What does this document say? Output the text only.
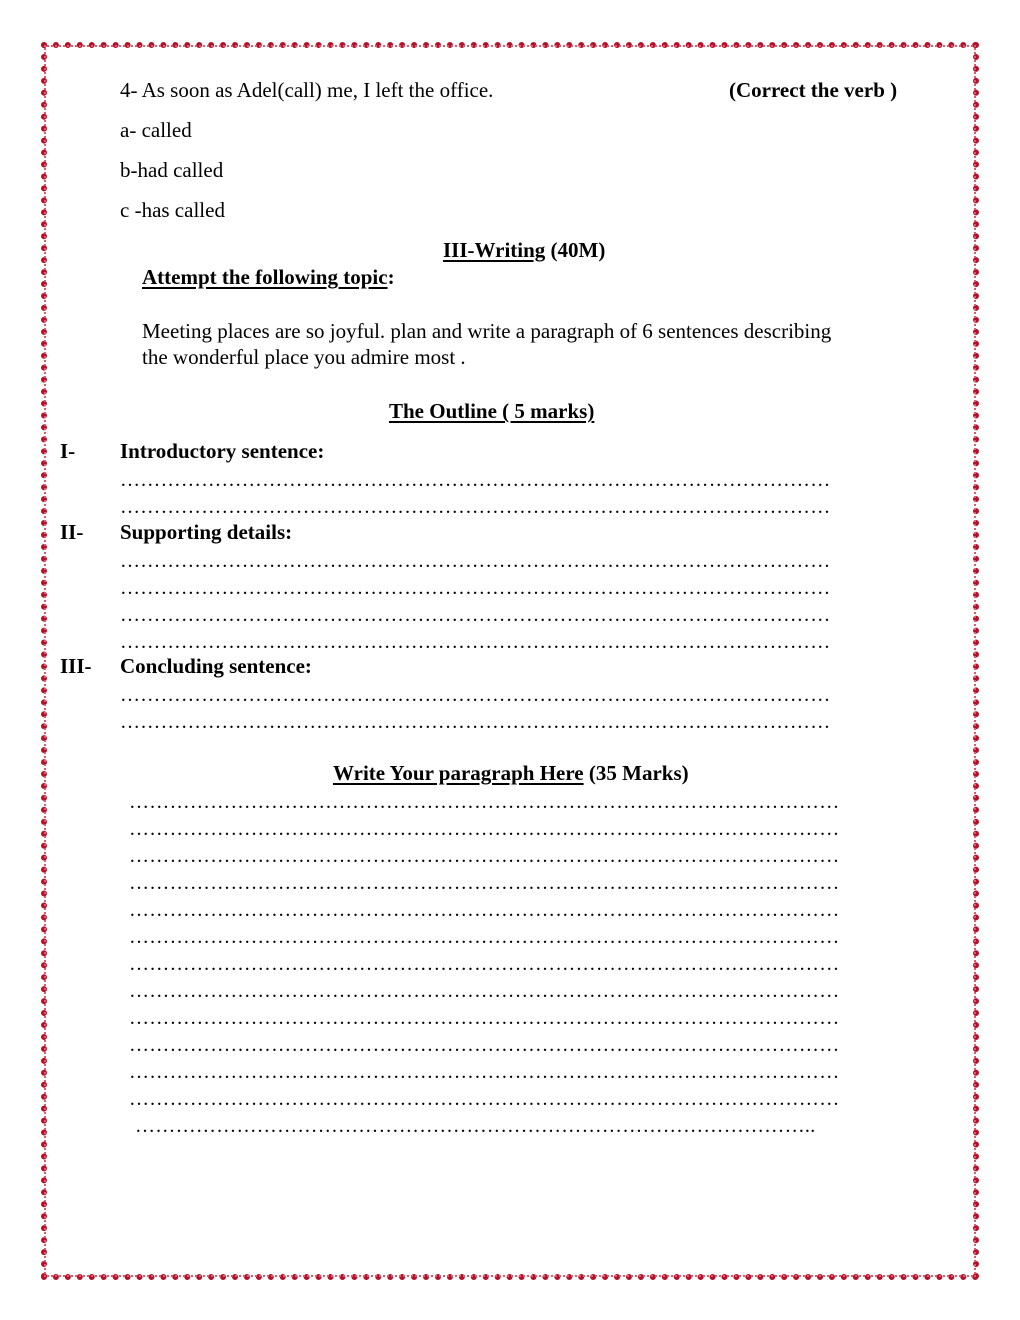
4- As soon as Adel(call) me, I left the office.	(Correct the verb )
a- called
b-had called
c -has called
III-Writing (40M)
Attempt the following topic:
Meeting places are so joyful. plan and write a paragraph of 6 sentences describing
the wonderful place you admire most .
The Outline ( 5 marks)
I- Introductory sentence:
……………………………………………………………………………………………
……………………………………………………………………………………………
II- Supporting details:
……………………………………………………………………………………………
……………………………………………………………………………………………
……………………………………………………………………………………………
……………………………………………………………………………………………
III- Concluding sentence:
……………………………………………………………………………………………
……………………………………………………………………………………………
Write Your paragraph Here (35 Marks)
……………………………………………………………………………………………
……………………………………………………………………………………………
……………………………………………………………………………………………
……………………………………………………………………………………………
……………………………………………………………………………………………
……………………………………………………………………………………………
……………………………………………………………………………………………
……………………………………………………………………………………………
……………………………………………………………………………………………
……………………………………………………………………………………………
……………………………………………………………………………………………
……………………………………………………………………………………………
………………………………………………………………………………………..
